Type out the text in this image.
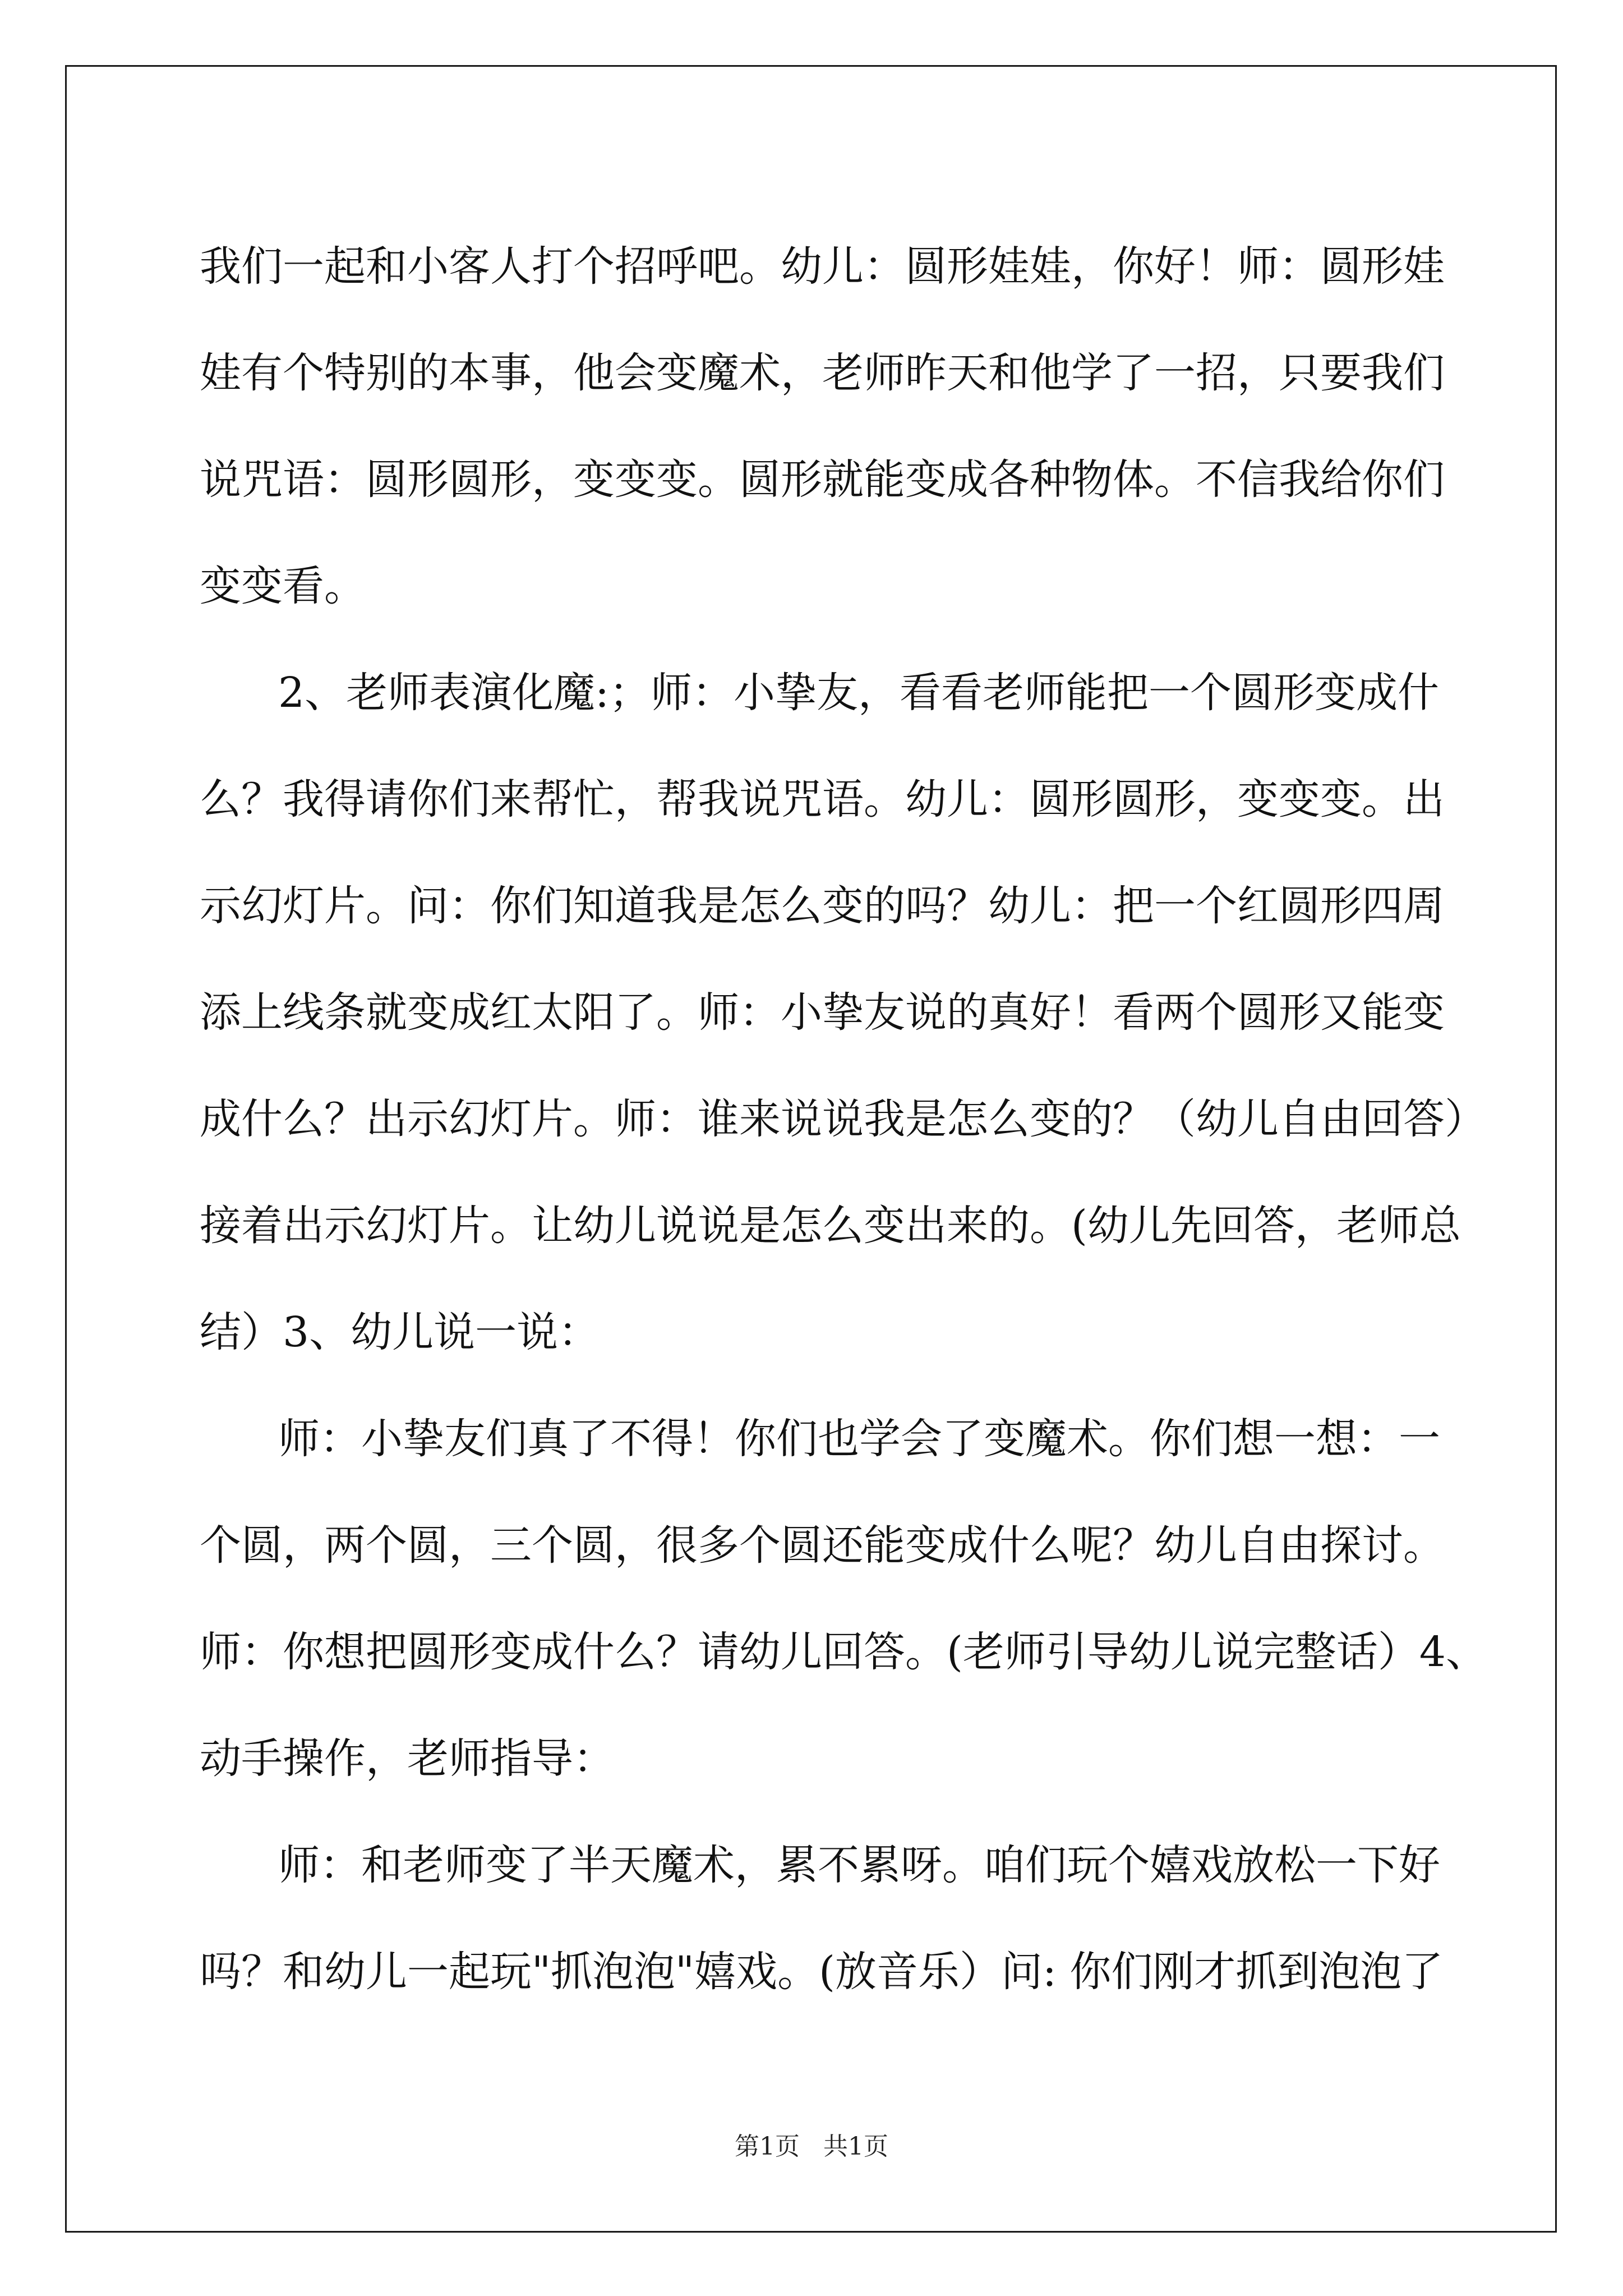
我们一起和小客人打个招呼吧。幼儿：圆形娃娃，你好！师：圆形娃
娃有个特别的本事，他会变魔术，老师昨天和他学了一招，只要我们
说咒语：圆形圆形，变变变。圆形就能变成各种物体。不信我给你们
变变看。
2、老师表演化魔:；师：小挚友，看看老师能把一个圆形变成什
么？我得请你们来帮忙，帮我说咒语。幼儿：圆形圆形，变变变。出
示幻灯片。问：你们知道我是怎么变的吗？幼儿：把一个红圆形四周
添上线条就变成红太阳了。师：小挚友说的真好！看两个圆形又能变
成什么？出示幻灯片。师：谁来说说我是怎么变的？（幼儿自由回答）
接着出示幻灯片。让幼儿说说是怎么变出来的。(幼儿先回答，老师总
结）3、幼儿说一说：
师：小挚友们真了不得！你们也学会了变魔术。你们想一想：一
个圆，两个圆，三个圆，很多个圆还能变成什么呢？幼儿自由探讨。
师：你想把圆形变成什么？请幼儿回答。(老师引导幼儿说完整话）4、
动手操作，老师指导：
师：和老师变了半天魔术，累不累呀。咱们玩个嬉戏放松一下好
吗？和幼儿一起玩"抓泡泡"嬉戏。(放音乐）问: 你们刚才抓到泡泡了
第1页   共1页
